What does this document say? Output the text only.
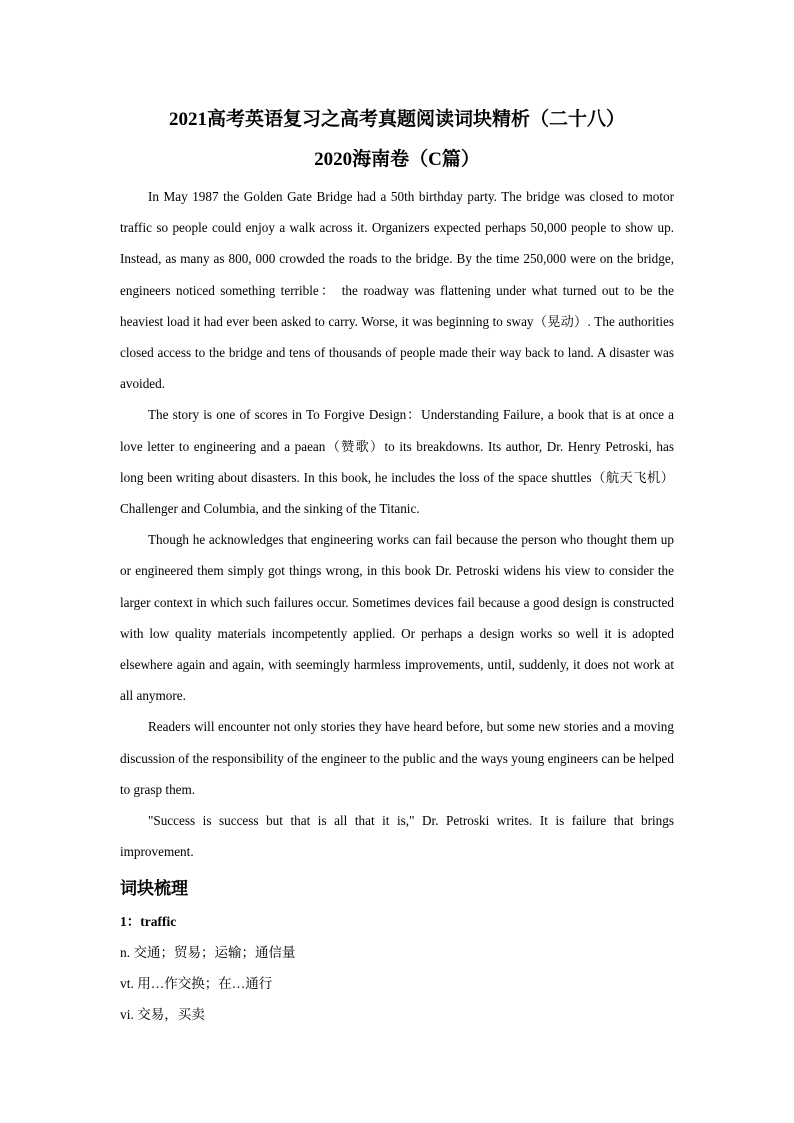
2021高考英语复习之高考真题阅读词块精析（二十八）
2020海南卷（C篇）

In May 1987 the Golden Gate Bridge had a 50th birthday party. The bridge was closed to motor traffic so people could enjoy a walk across it. Organizers expected perhaps 50,000 people to show up. Instead, as many as 800, 000 crowded the roads to the bridge. By the time 250,000 were on the bridge, engineers noticed something terrible： the roadway was flattening under what turned out to be the heaviest load it had ever been asked to carry. Worse, it was beginning to sway（晃动）. The authorities closed access to the bridge and tens of thousands of people made their way back to land. A disaster was avoided.

The story is one of scores in To Forgive Design：Understanding Failure, a book that is at once a love letter to engineering and a paean（赞歌）to its breakdowns. Its author, Dr. Henry Petroski, has long been writing about disasters. In this book, he includes the loss of the space shuttles（航天飞机）Challenger and Columbia, and the sinking of the Titanic.

Though he acknowledges that engineering works can fail because the person who thought them up or engineered them simply got things wrong, in this book Dr. Petroski widens his view to consider the larger context in which such failures occur. Sometimes devices fail because a good design is constructed with low quality materials incompetently applied. Or perhaps a design works so well it is adopted elsewhere again and again, with seemingly harmless improvements, until, suddenly, it does not work at all anymore.

Readers will encounter not only stories they have heard before, but some new stories and a moving discussion of the responsibility of the engineer to the public and the ways young engineers can be helped to grasp them.

"Success is success but that is all that it is," Dr. Petroski writes. It is failure that brings improvement.

词块梳理

1：traffic

n. 交通；贸易；运输；通信量

vt. 用…作交换；在…通行

vi. 交易，买卖
